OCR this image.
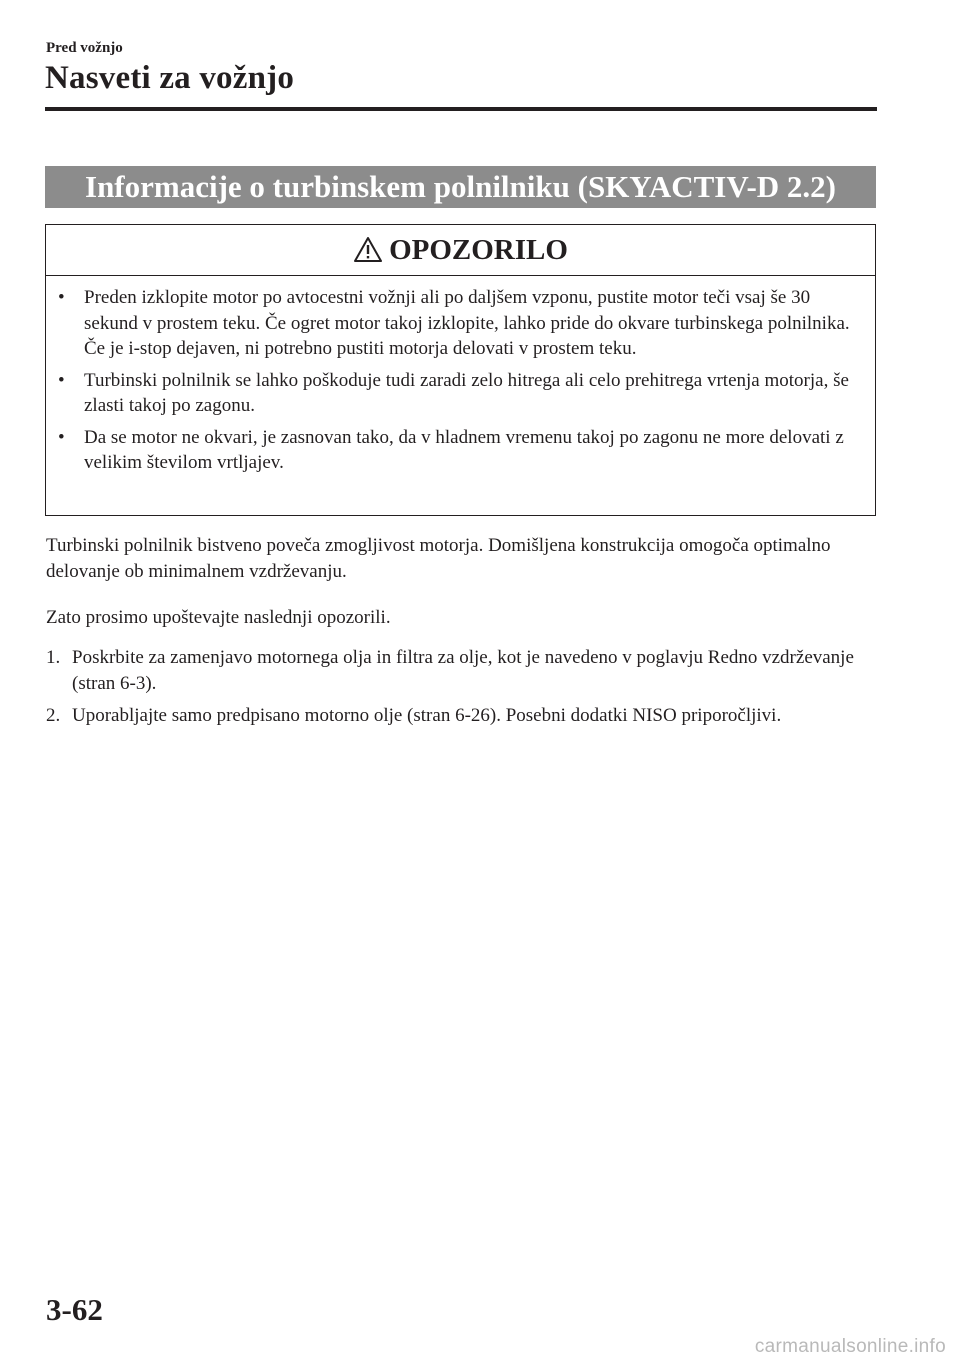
Pred vožnjo
Nasveti za vožnjo
Informacije o turbinskem polnilniku (SKYACTIV-D 2.2)
OPOZORILO
• Preden izklopite motor po avtocestni vožnji ali po daljšem vzponu, pustite motor teči vsaj še 30 sekund v prostem teku. Če ogret motor takoj izklopite, lahko pride do okvare turbinskega polnilnika. Če je i-stop dejaven, ni potrebno pustiti motorja delovati v prostem teku.
• Turbinski polnilnik se lahko poškoduje tudi zaradi zelo hitrega ali celo prehitrega vrtenja motorja, še zlasti takoj po zagonu.
• Da se motor ne okvari, je zasnovan tako, da v hladnem vremenu takoj po zagonu ne more delovati z velikim številom vrtljajev.

Turbinski polnilnik bistveno poveča zmogljivost motorja. Domišljena konstrukcija omogoča optimalno delovanje ob minimalnem vzdrževanju.

Zato prosimo upoštevajte naslednji opozorili.

1. Poskrbite za zamenjavo motornega olja in filtra za olje, kot je navedeno v poglavju Redno vzdrževanje (stran 6-3).
2. Uporabljajte samo predpisano motorno olje (stran 6-26). Posebni dodatki NISO priporočljivi.
3-62
carmanualsonline.info
